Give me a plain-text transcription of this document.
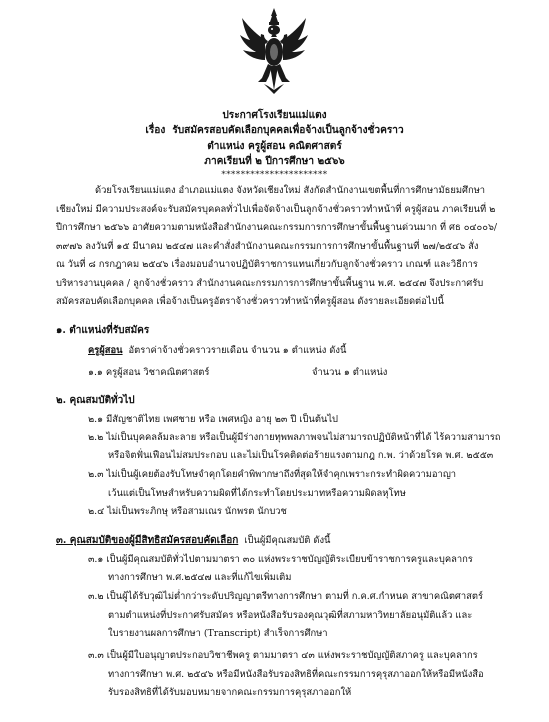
ประกาศโรงเรียนแม่แตง
เรื่อง รับสมัครสอบคัดเลือกบุคคลเพื่อจ้างเป็นลูกจ้างชั่วคราว
ตำแหน่ง ครูผู้สอน คณิตศาสตร์
ภาคเรียนที่ ๒ ปีการศึกษา ๒๕๖๖
**********************
ด้วยโรงเรียนแม่แตง อำเภอแม่แตง จังหวัดเชียงใหม่ สังกัดสำนักงานเขตพื้นที่การศึกษามัธยมศึกษา
เชียงใหม่ มีความประสงค์จะรับสมัครบุคคลทั่วไปเพื่อจัดจ้างเป็นลูกจ้างชั่วคราวทำหน้าที่ ครูผู้สอน ภาคเรียนที่ ๒
ปีการศึกษา ๒๕๖๖ อาศัยความตามหนังสือสำนักงานคณะกรรมการการศึกษาขั้นพื้นฐานด่วนมาก ที่ ศธ ๐๔๐๐๖/
๓๙๗๖ ลงวันที่ ๑๕ มีนาคม ๒๕๔๗ และคำสั่งสำนักงานคณะกรรมการการศึกษาขั้นพื้นฐานที่ ๒๗/๒๕๔๖ สั่ง
ณ วันที่ ๘ กรกฎาคม ๒๕๔๖ เรื่องมอบอำนาจปฏิบัติราชการแทนเกี่ยวกับลูกจ้างชั่วคราว เกณฑ์ และวิธีการ
บริหารงานบุคคล / ลูกจ้างชั่วคราว สำนักงานคณะกรรมการการศึกษาขั้นพื้นฐาน พ.ศ. ๒๕๔๗ จึงประกาศรับ
สมัครสอบคัดเลือกบุคคล เพื่อจ้างเป็นครูอัตราจ้างชั่วคราวทำหน้าที่ครูผู้สอน ดังรายละเอียดต่อไปนี้
๑. ตำแหน่งที่รับสมัคร
ครูผู้สอน อัตราค่าจ้างชั่วคราวรายเดือน จำนวน ๑ ตำแหน่ง ดังนี้
๑.๑ ครูผู้สอน วิชาคณิตศาสตร์	จำนวน ๑ ตำแหน่ง
๒. คุณสมบัติทั่วไป
๒.๑ มีสัญชาติไทย เพศชาย หรือ เพศหญิง อายุ ๒๓ ปี เป็นต้นไป
๒.๒ ไม่เป็นบุคคลล้มละลาย หรือเป็นผู้มีร่างกายทุพพลภาพจนไม่สามารถปฏิบัติหน้าที่ได้ ไร้ความสามารถ
หรือจิตฟั่นเฟือนไม่สมประกอบ และไม่เป็นโรคติดต่อร้ายแรงตามกฎ ก.พ. ว่าด้วยโรค พ.ศ. ๒๕๕๓
๒.๓ ไม่เป็นผู้เคยต้องรับโทษจำคุกโดยคำพิพากษาถึงที่สุดให้จำคุกเพราะกระทำผิดความอาญา
เว้นแต่เป็นโทษสำหรับความผิดที่ได้กระทำโดยประมาทหรือความผิดลหุโทษ
๒.๔ ไม่เป็นพระภิกษุ หรือสามเณร นักพรต นักบวช
๓. คุณสมบัติของผู้มีสิทธิสมัครสอบคัดเลือก เป็นผู้มีคุณสมบัติ ดังนี้
๓.๑ เป็นผู้มีคุณสมบัติทั่วไปตามมาตรา ๓๐ แห่งพระราชบัญญัติระเบียบข้าราชการครูและบุคลากร
ทางการศึกษา พ.ศ.๒๕๔๗ และที่แก้ไขเพิ่มเติม
๓.๒ เป็นผู้ได้รับวุฒิไม่ต่ำกว่าระดับปริญญาตรีทางการศึกษา ตามที่ ก.ค.ศ.กำหนด สาขาคณิตศาสตร์
ตามตำแหน่งที่ประกาศรับสมัคร หรือหนังสือรับรองคุณวุฒิที่สภามหาวิทยาลัยอนุมัติแล้ว และ
ใบรายงานผลการศึกษา (Transcript) สำเร็จการศึกษา
๓.๓ เป็นผู้มีใบอนุญาตประกอบวิชาชีพครู ตามมาตรา ๔๓ แห่งพระราชบัญญัติสภาครู และบุคลากร
ทางการศึกษา พ.ศ. ๒๕๔๖ หรือมีหนังสือรับรองสิทธิที่คณะกรรมการคุรุสภาออกให้หรือมีหนังสือ
รับรองสิทธิที่ได้รับมอบหมายจากคณะกรรมการคุรุสภาออกให้
